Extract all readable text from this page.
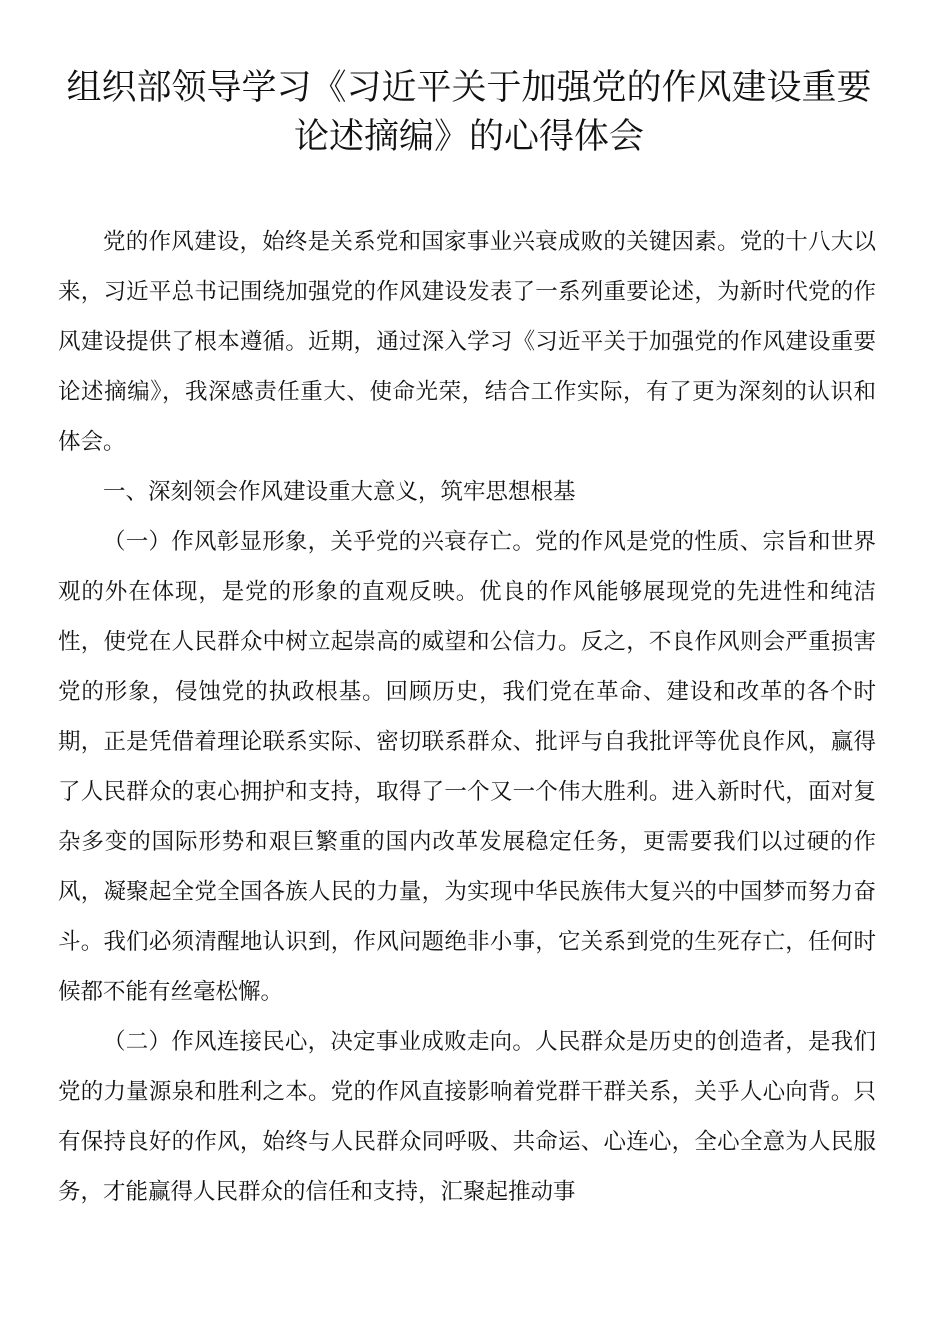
组织部领导学习《习近平关于加强党的作风建设重要论述摘编》的心得体会

党的作风建设，始终是关系党和国家事业兴衰成败的关键因素。党的十八大以来，习近平总书记围绕加强党的作风建设发表了一系列重要论述，为新时代党的作风建设提供了根本遵循。近期，通过深入学习《习近平关于加强党的作风建设重要论述摘编》，我深感责任重大、使命光荣，结合工作实际，有了更为深刻的认识和体会。

一、深刻领会作风建设重大意义，筑牢思想根基

（一）作风彰显形象，关乎党的兴衰存亡。党的作风是党的性质、宗旨和世界观的外在体现，是党的形象的直观反映。优良的作风能够展现党的先进性和纯洁性，使党在人民群众中树立起崇高的威望和公信力。反之，不良作风则会严重损害党的形象，侵蚀党的执政根基。回顾历史，我们党在革命、建设和改革的各个时期，正是凭借着理论联系实际、密切联系群众、批评与自我批评等优良作风，赢得了人民群众的衷心拥护和支持，取得了一个又一个伟大胜利。进入新时代，面对复杂多变的国际形势和艰巨繁重的国内改革发展稳定任务，更需要我们以过硬的作风，凝聚起全党全国各族人民的力量，为实现中华民族伟大复兴的中国梦而努力奋斗。我们必须清醒地认识到，作风问题绝非小事，它关系到党的生死存亡，任何时候都不能有丝毫松懈。

（二）作风连接民心，决定事业成败走向。人民群众是历史的创造者，是我们党的力量源泉和胜利之本。党的作风直接影响着党群干群关系，关乎人心向背。只有保持良好的作风，始终与人民群众同呼吸、共命运、心连心，全心全意为人民服务，才能赢得人民群众的信任和支持，汇聚起推动事
